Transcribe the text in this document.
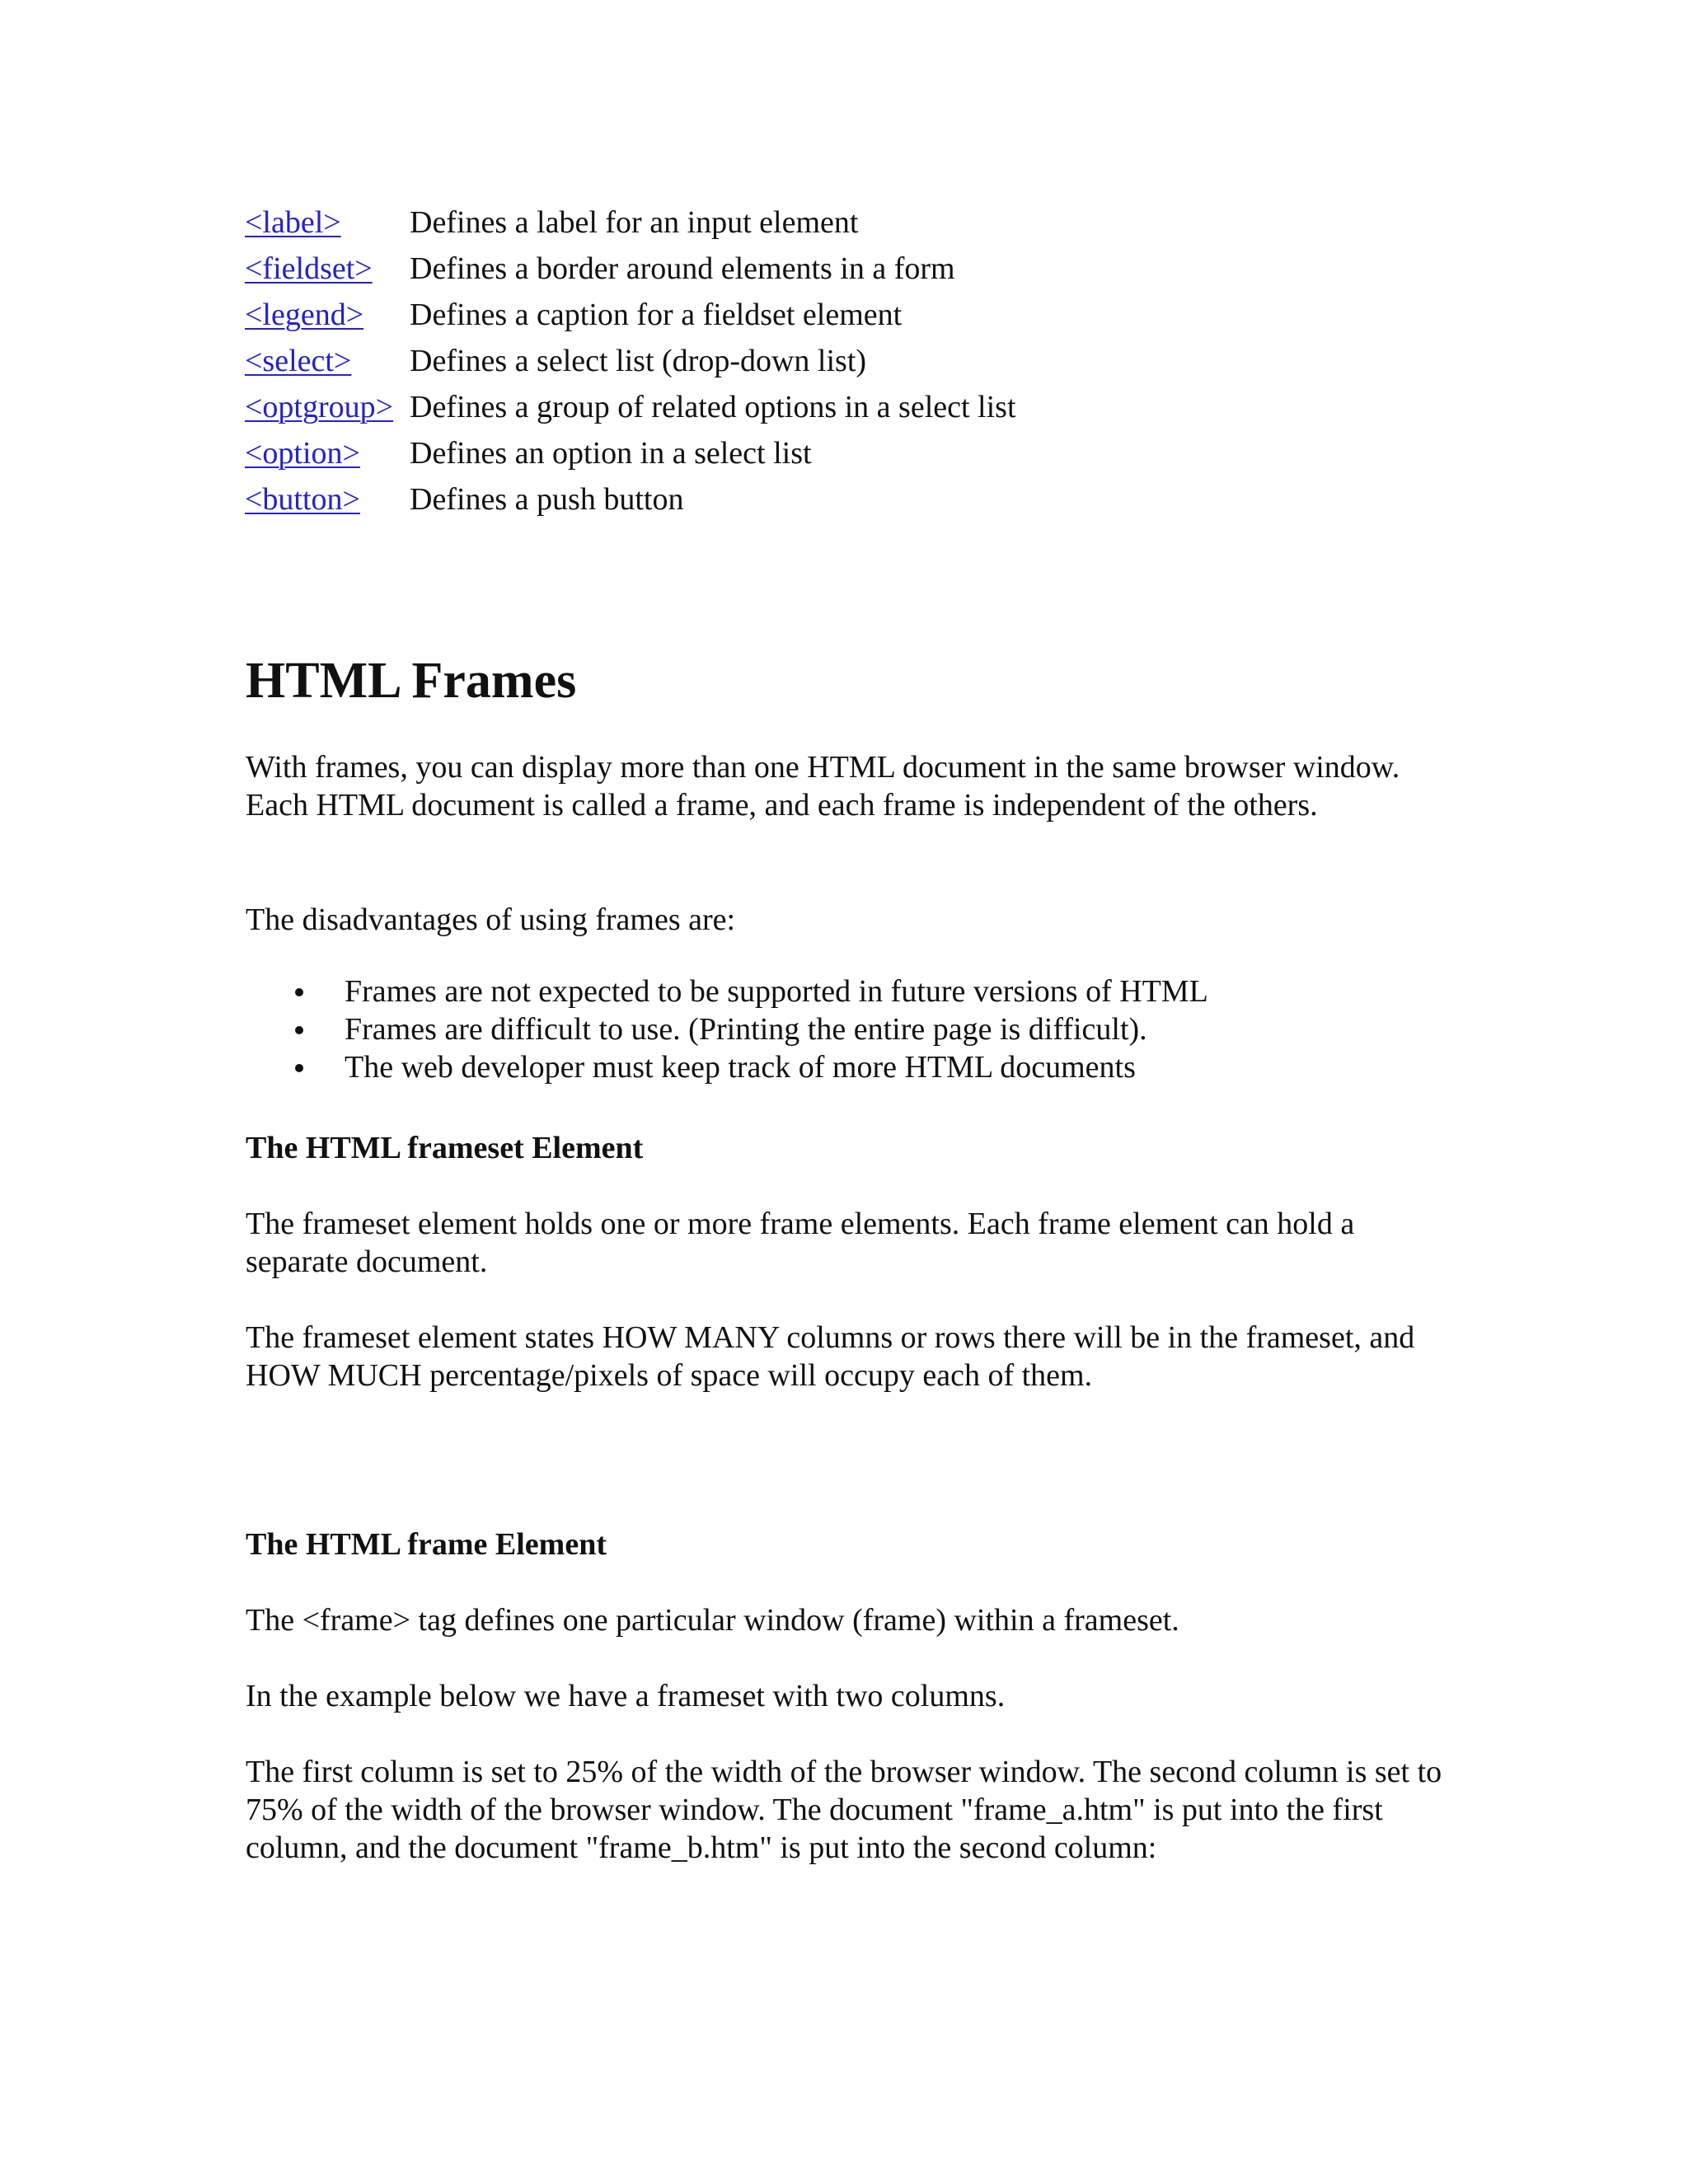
<label>	Defines a label for an input element
<fieldset>	Defines a border around elements in a form
<legend>	Defines a caption for a fieldset element
<select>	Defines a select list (drop-down list)
<optgroup>	Defines a group of related options in a select list
<option>	Defines an option in a select list
<button>	Defines a push button
HTML Frames

With frames, you can display more than one HTML document in the same browser window. Each HTML document is called a frame, and each frame is independent of the others.

The disadvantages of using frames are:

Frames are not expected to be supported in future versions of HTML
Frames are difficult to use. (Printing the entire page is difficult).
The web developer must keep track of more HTML documents
The HTML frameset Element

The frameset element holds one or more frame elements. Each frame element can hold a separate document.

The frameset element states HOW MANY columns or rows there will be in the frameset, and HOW MUCH percentage/pixels of space will occupy each of them.

The HTML frame Element

The <frame> tag defines one particular window (frame) within a frameset.

In the example below we have a frameset with two columns.

The first column is set to 25% of the width of the browser window. The second column is set to 75% of the width of the browser window. The document "frame_a.htm" is put into the first column, and the document "frame_b.htm" is put into the second column:
